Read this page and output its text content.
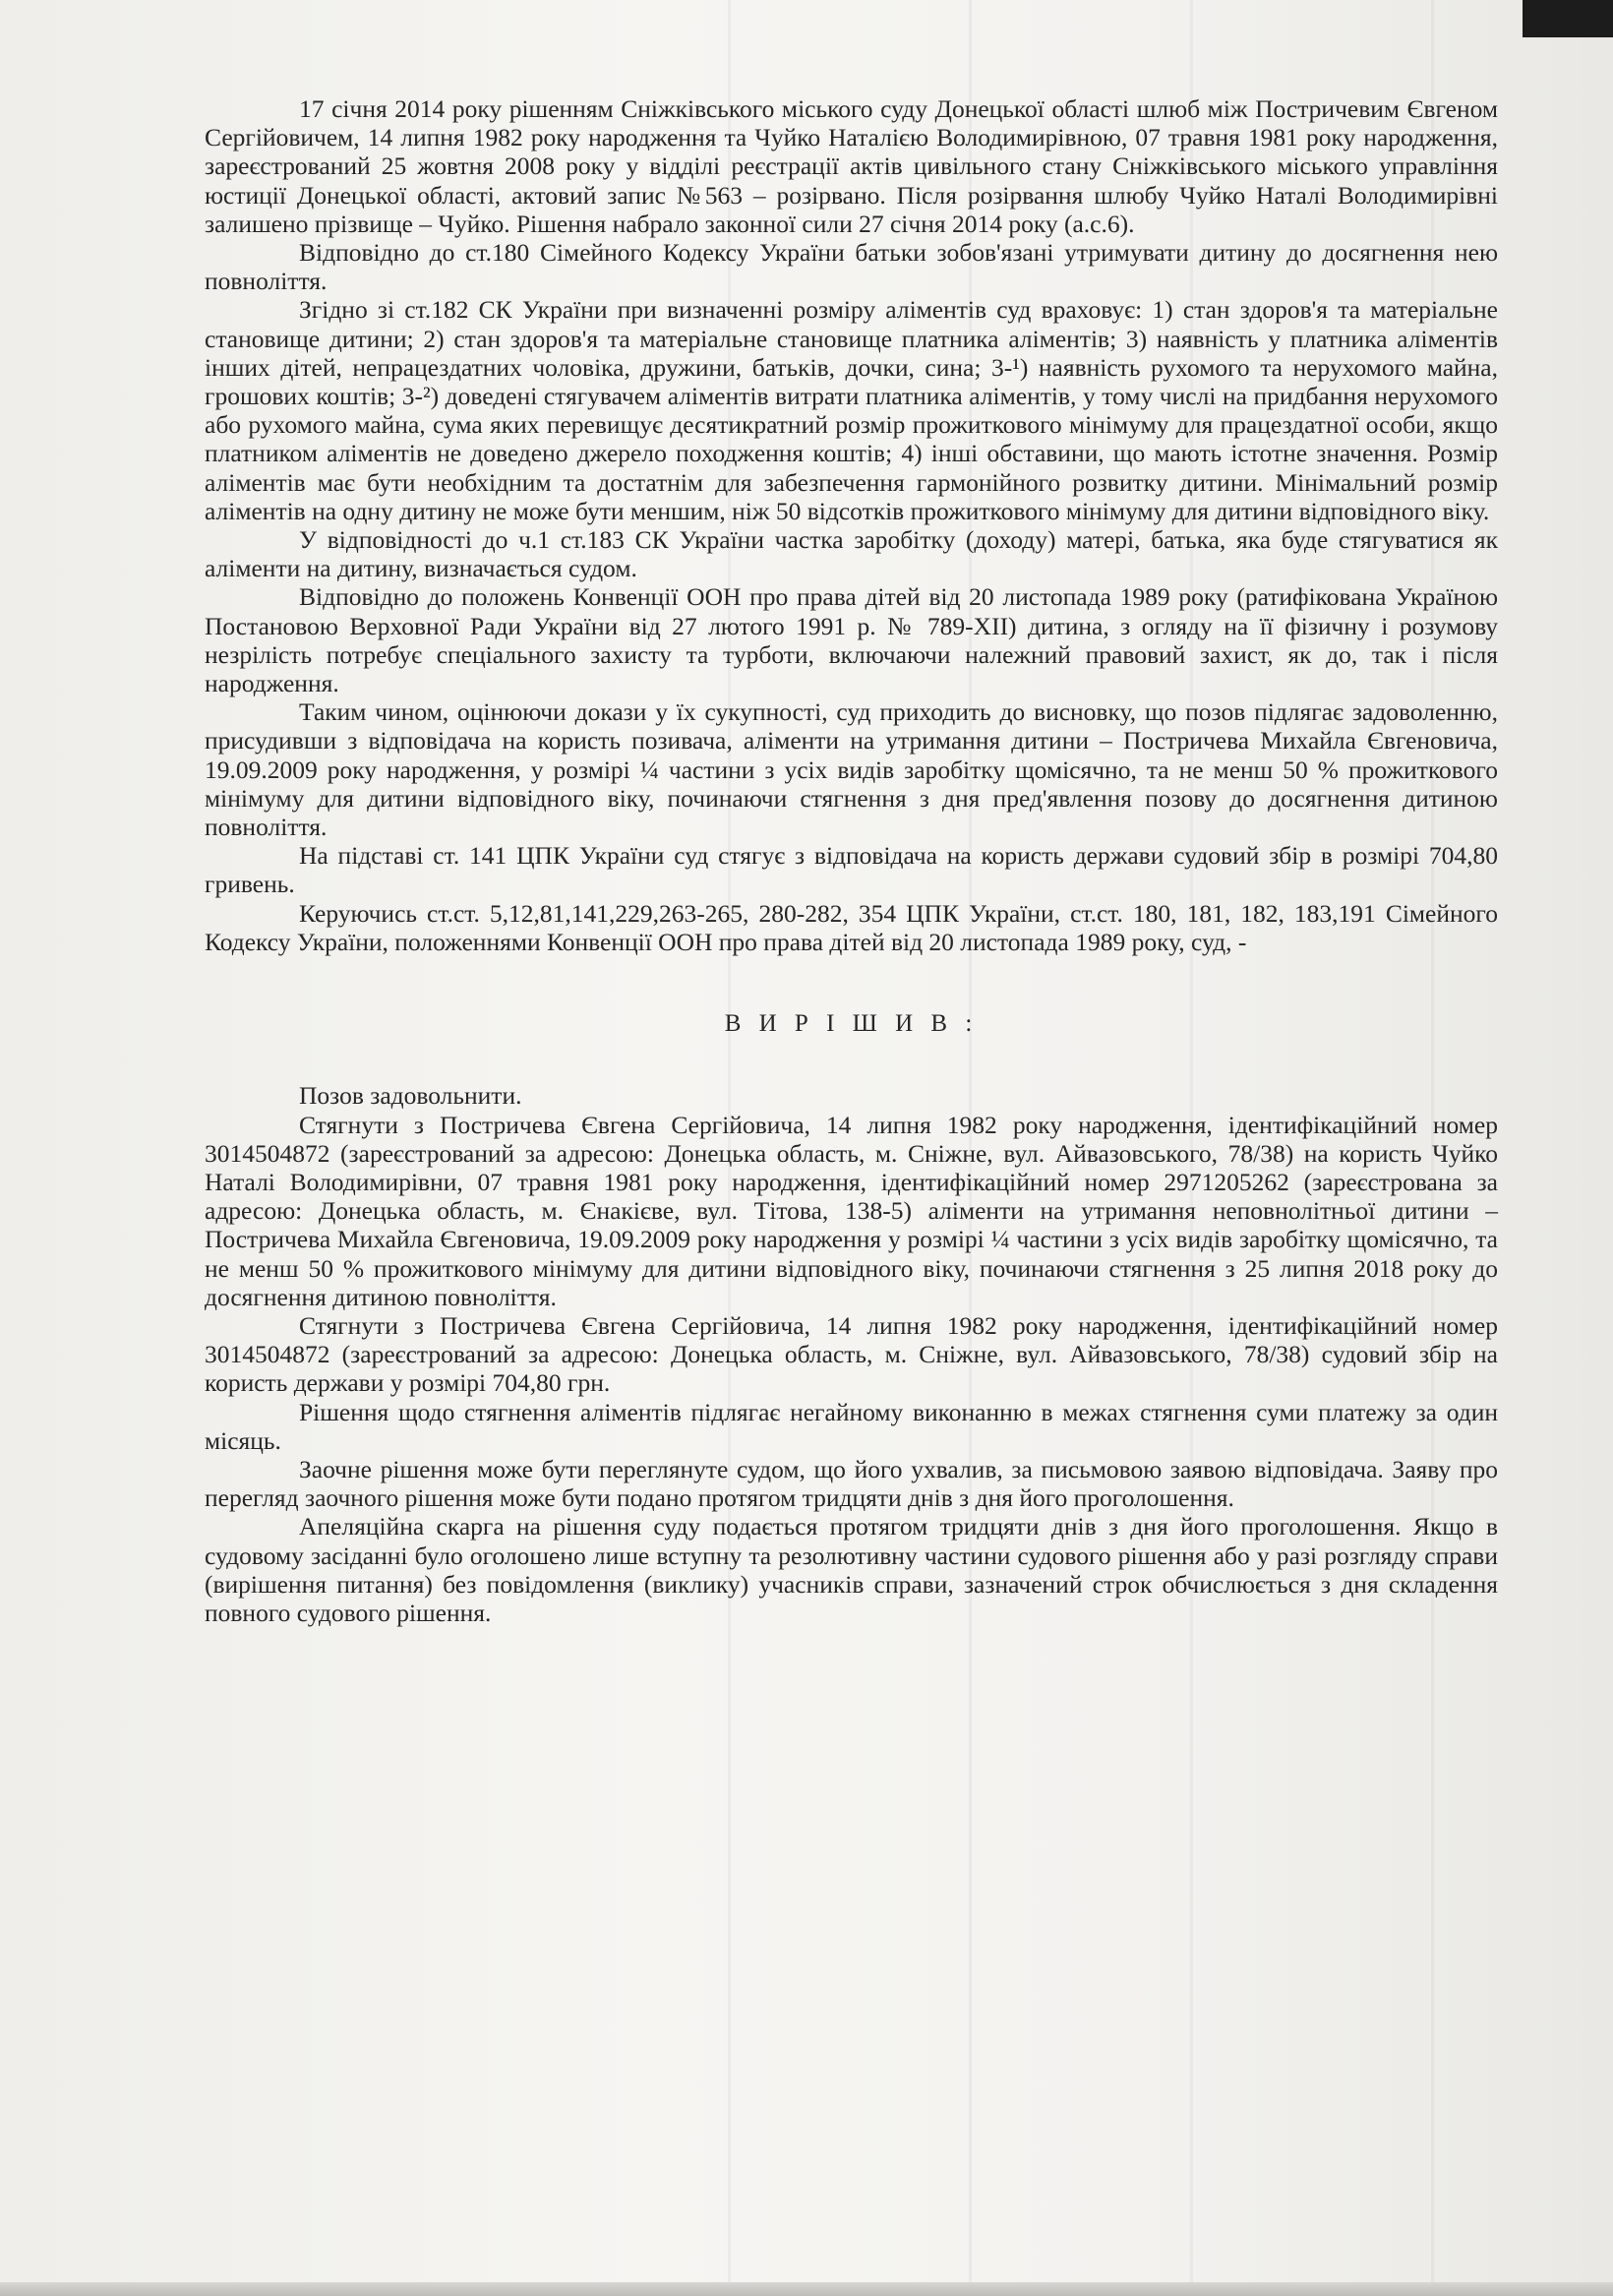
17 січня 2014 року рішенням Сніжківського міського суду Донецької області шлюб між Постричевим Євгеном Сергійовичем, 14 липня 1982 року народження та Чуйко Наталією Володимирівною, 07 травня 1981 року народження, зареєстрований 25 жовтня 2008 року у відділі реєстрації актів цивільного стану Сніжківського міського управління юстиції Донецької області, актовий запис №563 – розірвано. Після розірвання шлюбу Чуйко Наталі Володимирівні залишено прізвище – Чуйко. Рішення набрало законної сили 27 січня 2014 року (а.с.6).

Відповідно до ст.180 Сімейного Кодексу України батьки зобов'язані утримувати дитину до досягнення нею повноліття.

Згідно зі ст.182 СК України при визначенні розміру аліментів суд враховує: 1) стан здоров'я та матеріальне становище дитини; 2) стан здоров'я та матеріальне становище платника аліментів; 3) наявність у платника аліментів інших дітей, непрацездатних чоловіка, дружини, батьків, дочки, сина; 3-¹) наявність рухомого та нерухомого майна, грошових коштів; 3-²) доведені стягувачем аліментів витрати платника аліментів, у тому числі на придбання нерухомого або рухомого майна, сума яких перевищує десятикратний розмір прожиткового мінімуму для працездатної особи, якщо платником аліментів не доведено джерело походження коштів; 4) інші обставини, що мають істотне значення. Розмір аліментів має бути необхідним та достатнім для забезпечення гармонійного розвитку дитини. Мінімальний розмір аліментів на одну дитину не може бути меншим, ніж 50 відсотків прожиткового мінімуму для дитини відповідного віку.

У відповідності до ч.1 ст.183 СК України частка заробітку (доходу) матері, батька, яка буде стягуватися як аліменти на дитину, визначається судом.

Відповідно до положень Конвенції ООН про права дітей від 20 листопада 1989 року (ратифікована Україною Постановою Верховної Ради України від 27 лютого 1991 р. № 789-ХІІ) дитина, з огляду на її фізичну і розумову незрілість потребує спеціального захисту та турботи, включаючи належний правовий захист, як до, так і після народження.

Таким чином, оцінюючи докази у їх сукупності, суд приходить до висновку, що позов підлягає задоволенню, присудивши з відповідача на користь позивача, аліменти на утримання дитини – Постричева Михайла Євгеновича, 19.09.2009 року народження, у розмірі ¼ частини з усіх видів заробітку щомісячно, та не менш 50 % прожиткового мінімуму для дитини відповідного віку, починаючи стягнення з дня пред'явлення позову до досягнення дитиною повноліття.

На підставі ст. 141 ЦПК України суд стягує з відповідача на користь держави судовий збір в розмірі 704,80 гривень.

Керуючись ст.ст. 5,12,81,141,229,263-265, 280-282, 354 ЦПК України, ст.ст. 180, 181, 182, 183,191 Сімейного Кодексу України, положеннями Конвенції ООН про права дітей від 20 листопада 1989 року, суд, -

В И Р І Ш И В :

Позов задовольнити.

Стягнути з Постричева Євгена Сергійовича, 14 липня 1982 року народження, ідентифікаційний номер 3014504872 (зареєстрований за адресою: Донецька область, м. Сніжне, вул. Айвазовського, 78/38) на користь Чуйко Наталі Володимирівни, 07 травня 1981 року народження, ідентифікаційний номер 2971205262 (зареєстрована за адресою: Донецька область, м. Єнакієве, вул. Тітова, 138-5) аліменти на утримання неповнолітньої дитини – Постричева Михайла Євгеновича, 19.09.2009 року народження у розмірі ¼ частини з усіх видів заробітку щомісячно, та не менш 50 % прожиткового мінімуму для дитини відповідного віку, починаючи стягнення з 25 липня 2018 року до досягнення дитиною повноліття.

Стягнути з Постричева Євгена Сергійовича, 14 липня 1982 року народження, ідентифікаційний номер 3014504872 (зареєстрований за адресою: Донецька область, м. Сніжне, вул. Айвазовського, 78/38) судовий збір на користь держави у розмірі 704,80 грн.

Рішення щодо стягнення аліментів підлягає негайному виконанню в межах стягнення суми платежу за один місяць.

Заочне рішення може бути переглянуте судом, що його ухвалив, за письмовою заявою відповідача. Заяву про перегляд заочного рішення може бути подано протягом тридцяти днів з дня його проголошення.

Апеляційна скарга на рішення суду подається протягом тридцяти днів з дня його проголошення. Якщо в судовому засіданні було оголошено лише вступну та резолютивну частини судового рішення або у разі розгляду справи (вирішення питання) без повідомлення (виклику) учасників справи, зазначений строк обчислюється з дня складення повного судового рішення.
